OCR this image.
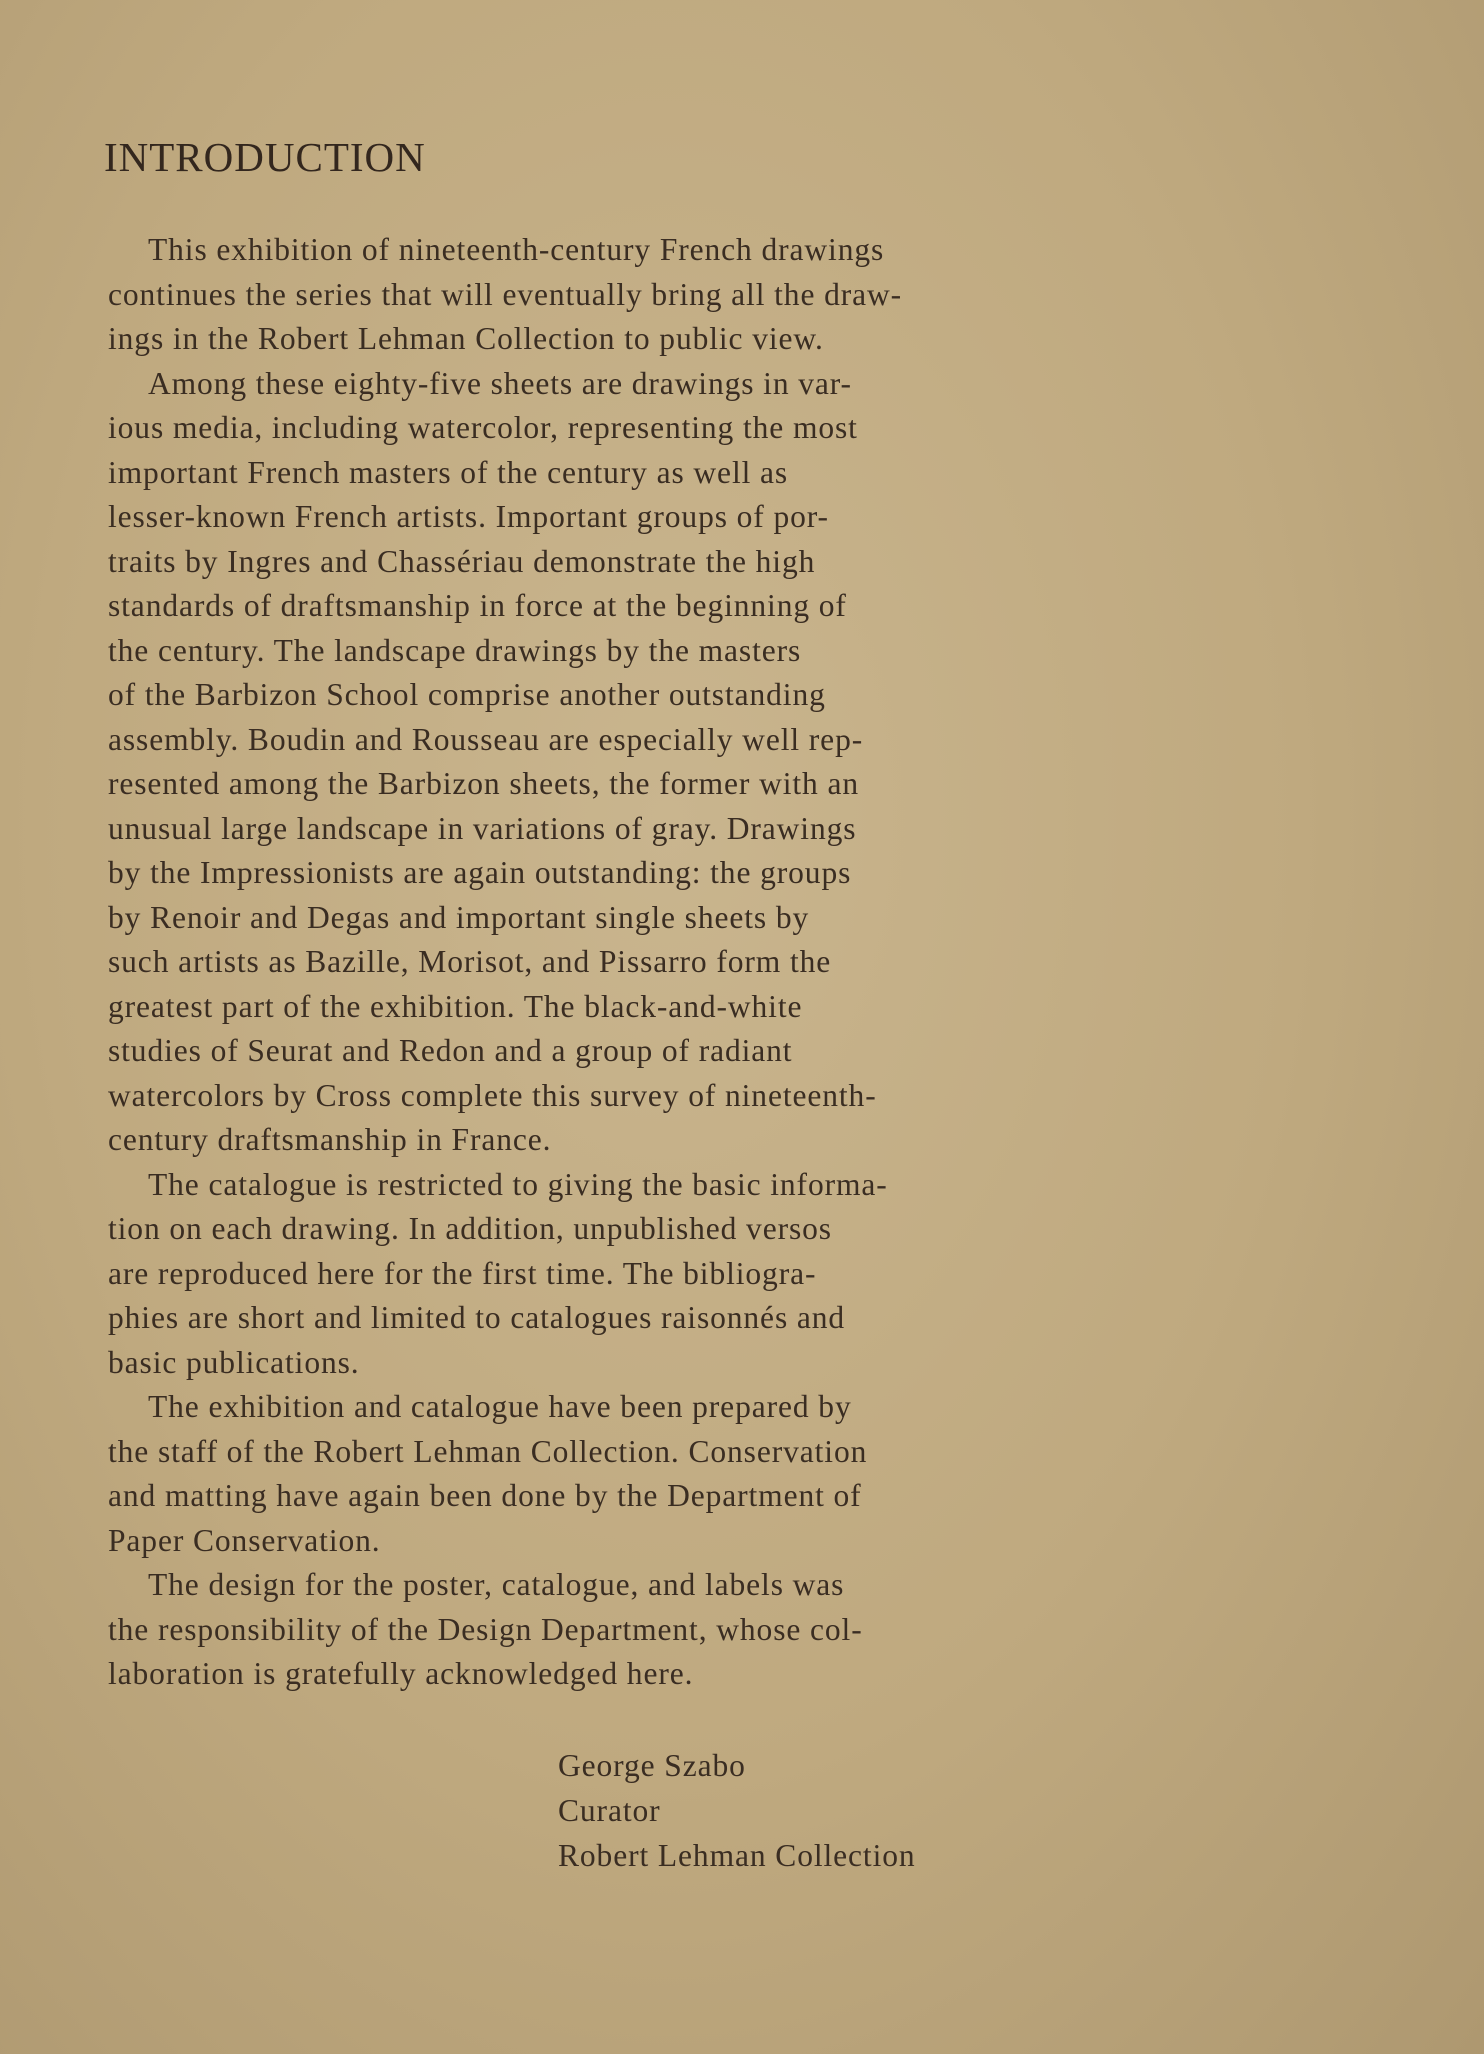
INTRODUCTION
This exhibition of nineteenth-century French drawings
continues the series that will eventually bring all the draw-
ings in the Robert Lehman Collection to public view.
Among these eighty-five sheets are drawings in var-
ious media, including watercolor, representing the most
important French masters of the century as well as
lesser-known French artists. Important groups of por-
traits by Ingres and Chassériau demonstrate the high
standards of draftsmanship in force at the beginning of
the century. The landscape drawings by the masters
of the Barbizon School comprise another outstanding
assembly. Boudin and Rousseau are especially well rep-
resented among the Barbizon sheets, the former with an
unusual large landscape in variations of gray. Drawings
by the Impressionists are again outstanding: the groups
by Renoir and Degas and important single sheets by
such artists as Bazille, Morisot, and Pissarro form the
greatest part of the exhibition. The black-and-white
studies of Seurat and Redon and a group of radiant
watercolors by Cross complete this survey of nineteenth-
century draftsmanship in France.
The catalogue is restricted to giving the basic informa-
tion on each drawing. In addition, unpublished versos
are reproduced here for the first time. The bibliogra-
phies are short and limited to catalogues raisonnés and
basic publications.
The exhibition and catalogue have been prepared by
the staff of the Robert Lehman Collection. Conservation
and matting have again been done by the Department of
Paper Conservation.
The design for the poster, catalogue, and labels was
the responsibility of the Design Department, whose col-
laboration is gratefully acknowledged here.
George Szabo
Curator
Robert Lehman Collection
